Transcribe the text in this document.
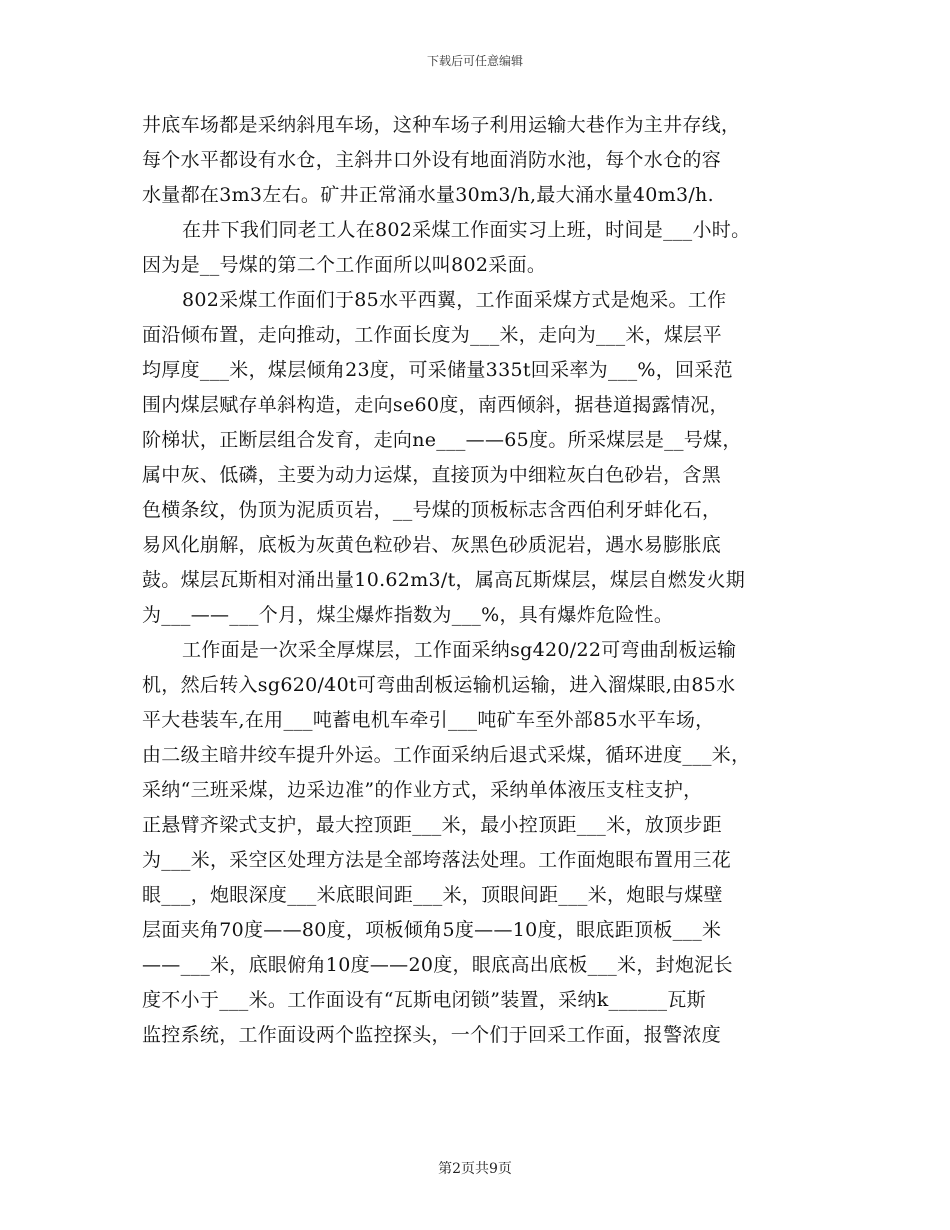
下载后可任意编辑
井底车场都是采纳斜甩车场，这种车场子利用运输大巷作为主井存线，
每个水平都设有水仓，主斜井口外设有地面消防水池，每个水仓的容
水量都在3m3左右。矿井正常涌水量30m3/h,最大涌水量40m3/h.
在井下我们同老工人在802采煤工作面实习上班，时间是___小时。
因为是__号煤的第二个工作面所以叫802采面。
802采煤工作面们于85水平西翼，工作面采煤方式是炮采。工作
面沿倾布置，走向推动，工作面长度为___米，走向为___米，煤层平
均厚度___米，煤层倾角23度，可采储量335t回采率为___%，回采范
围内煤层赋存单斜构造，走向se60度，南西倾斜，据巷道揭露情况，
阶梯状，正断层组合发育，走向ne___——65度。所采煤层是__号煤，
属中灰、低磷，主要为动力运煤，直接顶为中细粒灰白色砂岩，含黑
色横条纹，伪顶为泥质页岩，__号煤的顶板标志含西伯利牙蚌化石，
易风化崩解，底板为灰黄色粒砂岩、灰黑色砂质泥岩，遇水易膨胀底
鼓。煤层瓦斯相对涌出量10.62m3/t，属高瓦斯煤层，煤层自燃发火期
为___——___个月，煤尘爆炸指数为___%，具有爆炸危险性。
工作面是一次采全厚煤层，工作面采纳sg420/22可弯曲刮板运输
机，然后转入sg620/40t可弯曲刮板运输机运输，进入溜煤眼,由85水
平大巷装车,在用___吨蓄电机车牵引___吨矿车至外部85水平车场，
由二级主暗井绞车提升外运。工作面采纳后退式采煤，循环进度___米，
采纳“三班采煤，边采边准”的作业方式，采纳单体液压支柱支护，
正悬臂齐梁式支护，最大控顶距___米，最小控顶距___米，放顶步距
为___米，采空区处理方法是全部垮落法处理。工作面炮眼布置用三花
眼___，炮眼深度___米底眼间距___米，顶眼间距___米，炮眼与煤壁
层面夹角70度——80度，项板倾角5度——10度，眼底距顶板___米
——___米，底眼俯角10度——20度，眼底高出底板___米，封炮泥长
度不小于___米。工作面设有“瓦斯电闭锁”装置，采纳k______瓦斯
监控系统，工作面设两个监控探头，一个们于回采工作面，报警浓度
第2页共9页
